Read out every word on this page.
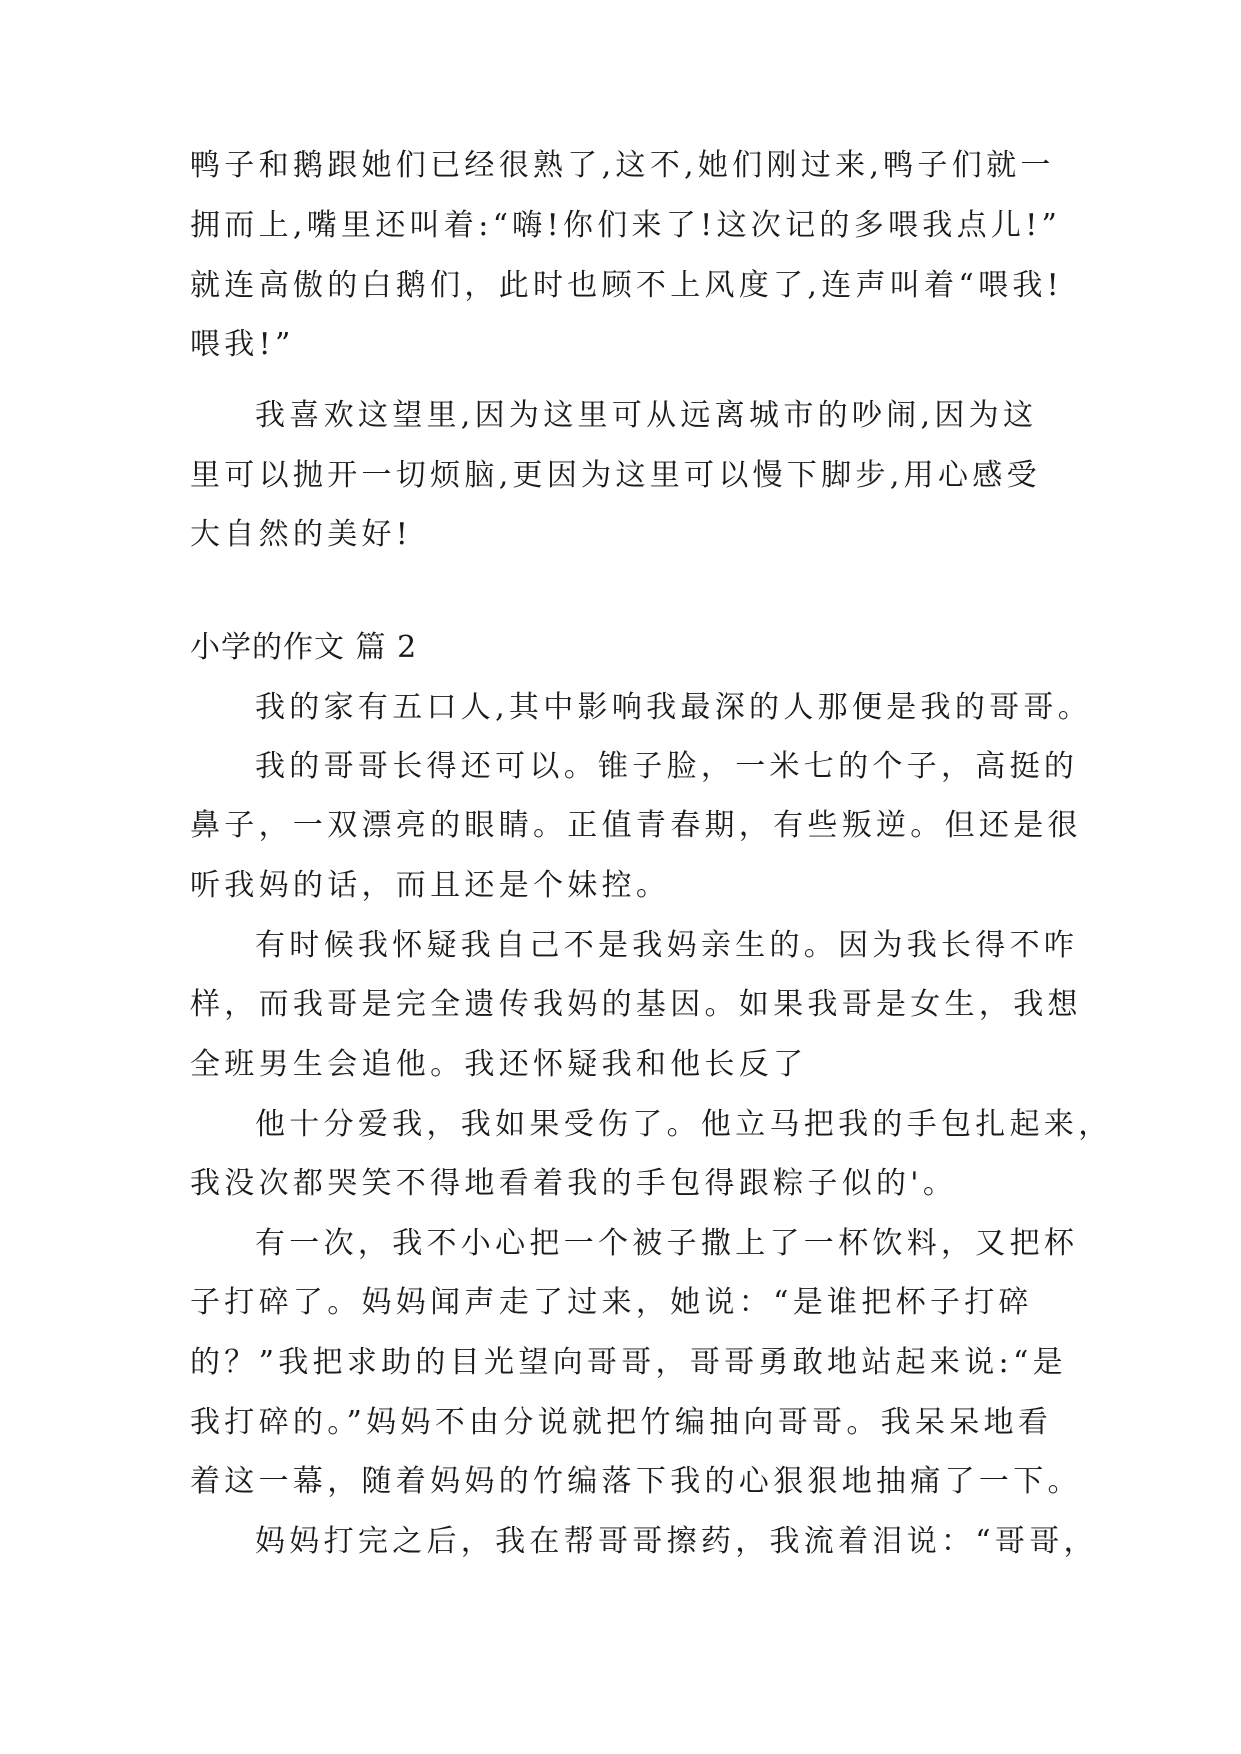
鸭子和鹅跟她们已经很熟了,这不,她们刚过来,鸭子们就一
拥而上,嘴里还叫着:“嗨!你们来了!这次记的多喂我点儿!”
就连高傲的白鹅们，此时也顾不上风度了,连声叫着“喂我!
喂我!”
我喜欢这望里,因为这里可从远离城市的吵闹,因为这
里可以抛开一切烦脑,更因为这里可以慢下脚步,用心感受
大自然的美好!
小学的作文 篇 2
我的家有五口人,其中影响我最深的人那便是我的哥哥。
我的哥哥长得还可以。锥子脸，一米七的个子，高挺的
鼻子，一双漂亮的眼睛。正值青春期，有些叛逆。但还是很
听我妈的话，而且还是个妹控。
有时候我怀疑我自己不是我妈亲生的。因为我长得不咋
样，而我哥是完全遗传我妈的基因。如果我哥是女生，我想
全班男生会追他。我还怀疑我和他长反了
他十分爱我，我如果受伤了。他立马把我的手包扎起来，
我没次都哭笑不得地看着我的手包得跟粽子似的'。
有一次，我不小心把一个被子撒上了一杯饮料，又把杯
子打碎了。妈妈闻声走了过来，她说：“是谁把杯子打碎
的？”我把求助的目光望向哥哥，哥哥勇敢地站起来说:“是
我打碎的。”妈妈不由分说就把竹编抽向哥哥。我呆呆地看
着这一幕，随着妈妈的竹编落下我的心狠狠地抽痛了一下。
妈妈打完之后，我在帮哥哥擦药，我流着泪说：“哥哥，
